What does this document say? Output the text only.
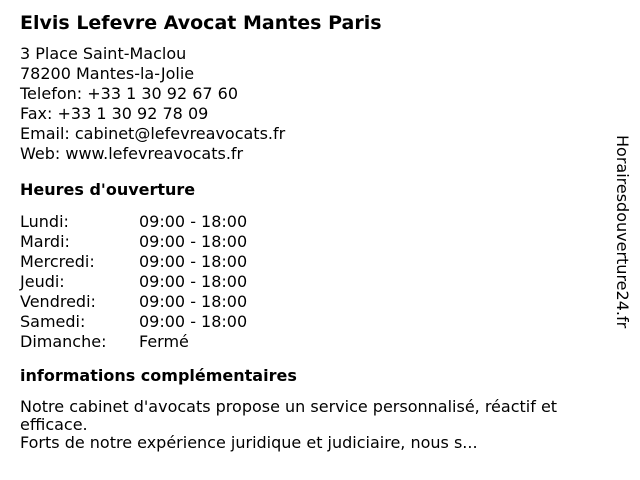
Elvis Lefevre Avocat Mantes Paris
3 Place Saint-Maclou
78200 Mantes-la-Jolie
Telefon: +33 1 30 92 67 60
Fax: +33 1 30 92 78 09
Email: cabinet@lefevreavocats.fr
Web: www.lefevreavocats.fr
Heures d'ouverture
Lundi:	09:00 - 18:00
Mardi:	09:00 - 18:00
Mercredi:	09:00 - 18:00
Jeudi:	09:00 - 18:00
Vendredi:	09:00 - 18:00
Samedi:	09:00 - 18:00
Dimanche:	Fermé
informations complémentaires
Notre cabinet d'avocats propose un service personnalisé, réactif et efficace.
Forts de notre expérience juridique et judiciaire, nous s...
Horairesdouverture24.fr
